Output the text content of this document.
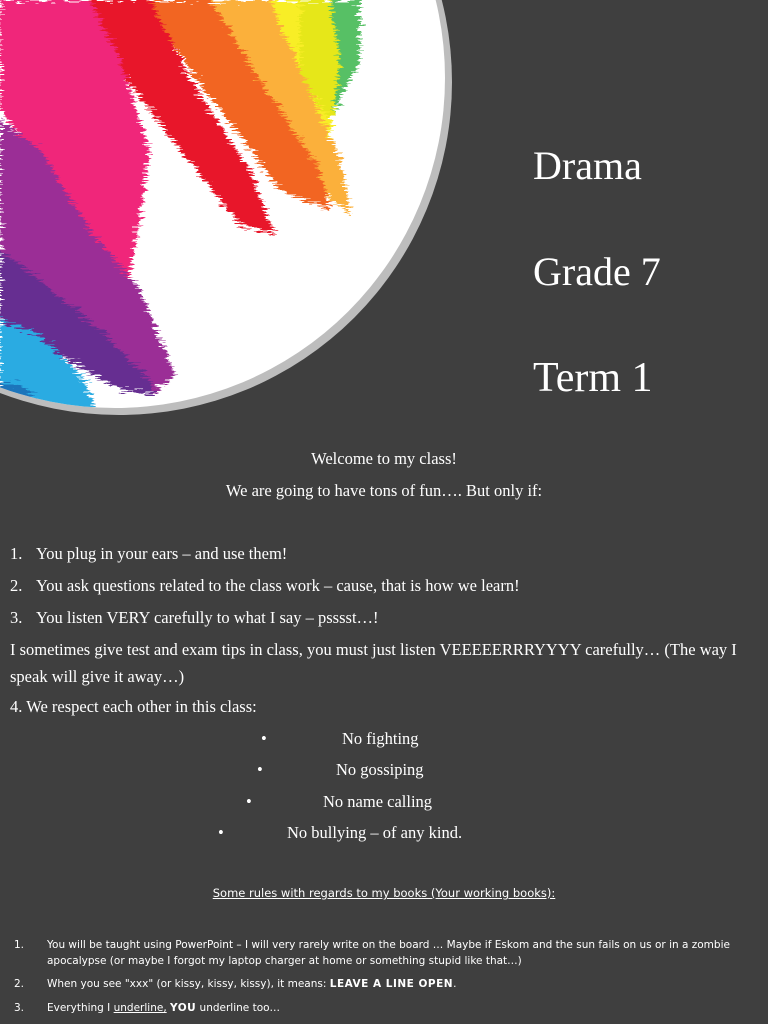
Drama
Grade 7
Term 1
Welcome to my class!
We are going to have tons of fun…. But only if:
1. You plug in your ears – and use them!
2. You ask questions related to the class work – cause, that is how we learn!
3. You listen VERY carefully to what I say – psssst…!
I sometimes give test and exam tips in class, you must just listen VEEEEERRRYYYY carefully… (The way I speak will give it away…)
4. We respect each other in this class:
•	No fighting
•	No gossiping
•	No name calling
•	No bullying – of any kind.
Some rules with regards to my books (Your working books):
1. You will be taught using PowerPoint – I will very rarely write on the board … Maybe if Eskom and the sun fails on us or in a zombie apocalypse (or maybe I forgot my laptop charger at home or something stupid like that…)
2. When you see "xxx" (or kissy, kissy, kissy), it means: LEAVE A LINE OPEN.
3. Everything I underline, YOU underline too…
